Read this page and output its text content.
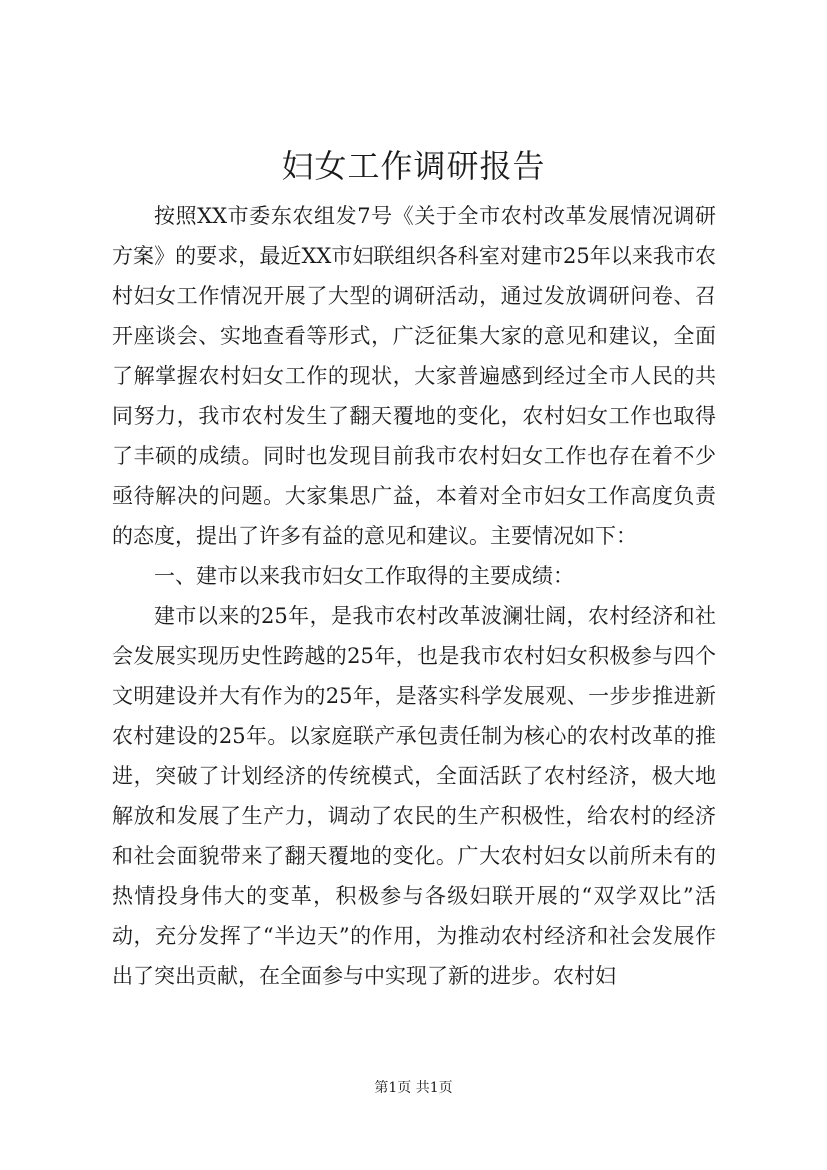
妇女工作调研报告

按照XX市委东农组发7号《关于全市农村改革发展情况调研方案》的要求，最近XX市妇联组织各科室对建市25年以来我市农村妇女工作情况开展了大型的调研活动，通过发放调研问卷、召开座谈会、实地查看等形式，广泛征集大家的意见和建议，全面了解掌握农村妇女工作的现状，大家普遍感到经过全市人民的共同努力，我市农村发生了翻天覆地的变化，农村妇女工作也取得了丰硕的成绩。同时也发现目前我市农村妇女工作也存在着不少亟待解决的问题。大家集思广益，本着对全市妇女工作高度负责的态度，提出了许多有益的意见和建议。主要情况如下：

一、建市以来我市妇女工作取得的主要成绩：

建市以来的25年，是我市农村改革波澜壮阔，农村经济和社会发展实现历史性跨越的25年，也是我市农村妇女积极参与四个文明建设并大有作为的25年，是落实科学发展观、一步步推进新农村建设的25年。以家庭联产承包责任制为核心的农村改革的推进，突破了计划经济的传统模式，全面活跃了农村经济，极大地解放和发展了生产力，调动了农民的生产积极性，给农村的经济和社会面貌带来了翻天覆地的变化。广大农村妇女以前所未有的热情投身伟大的变革，积极参与各级妇联开展的“双学双比”活动，充分发挥了“半边天”的作用，为推动农村经济和社会发展作出了突出贡献，在全面参与中实现了新的进步。农村妇

第1页 共1页
